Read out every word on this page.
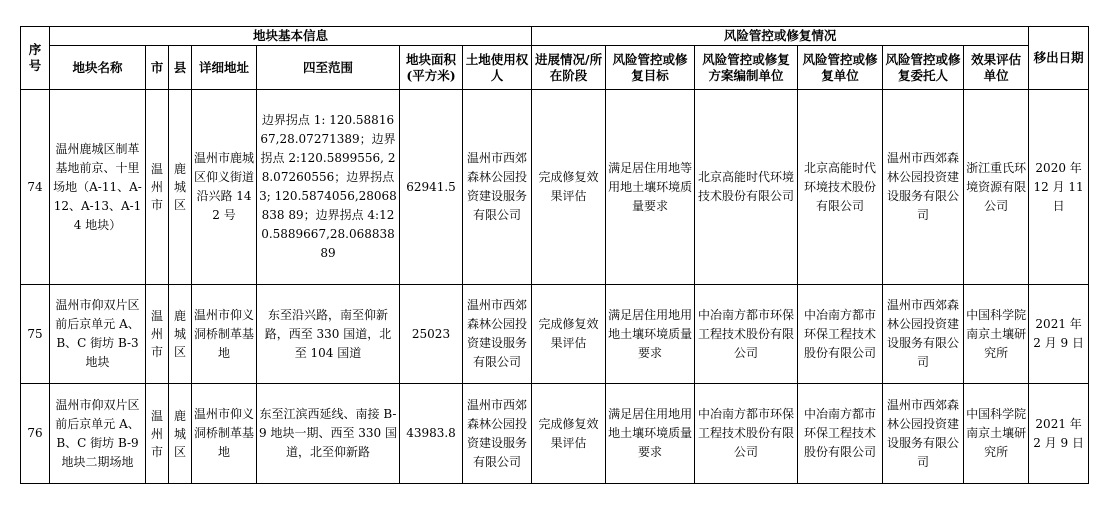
序号	地块基本信息							风险管控或修复情况						移出日期
	地块名称	市	县	详细地址	四至范围	地块面积(平方米)	土地使用权人	进展情况/所在阶段	风险管控或修复目标	风险管控或修复方案编制单位	风险管控或修复单位	风险管控或修复委托人	效果评估单位	
74	温州鹿城区制革基地前京、十里场地（A-11、A-12、A-13、A-14 地块）	温州市	鹿城区	温州市鹿城区仰义街道沿兴路 142 号	边界拐点 1: 120.5881667,28.07271389；边界拐点 2:120.5899556, 28.07260556；边界拐点 3; 120.5874056,28068838 89；边界拐点 4:120.5889667,28.06883889	62941.5	温州市西郊森林公园投资建设服务有限公司	完成修复效果评估	满足居住用地等用地土壤环境质量要求	北京高能时代环境技术股份有限公司	北京高能时代环境技术股份有限公司	温州市西郊森林公园投资建设服务有限公司	浙江重氏环境资源有限公司	2020 年 12 月 11 日
75	温州市仰双片区前后京单元 A、B、C 街坊 B-3 地块	温州市	鹿城区	温州市仰义洞桥制革基地	东至沿兴路，南至仰新路，西至 330 国道，北至 104 国道	25023	温州市西郊森林公园投资建设服务有限公司	完成修复效果评估	满足居住用地用地土壤环境质量要求	中冶南方都市环保工程技术股份有限公司	中冶南方都市环保工程技术股份有限公司	温州市西郊森林公园投资建设服务有限公司	中国科学院南京土壤研究所	2021 年 2 月 9 日
76	温州市仰双片区前后京单元 A、B、C 街坊 B-9 地块二期场地	温州市	鹿城区	温州市仰义洞桥制革基地	东至江滨西延线、南接 B-9 地块一期、西至 330 国道，北至仰新路	43983.8	温州市西郊森林公园投资建设服务有限公司	完成修复效果评估	满足居住用地用地土壤环境质量要求	中冶南方都市环保工程技术股份有限公司	中冶南方都市环保工程技术股份有限公司	温州市西郊森林公园投资建设服务有限公司	中国科学院南京土壤研究所	2021 年 2 月 9 日
